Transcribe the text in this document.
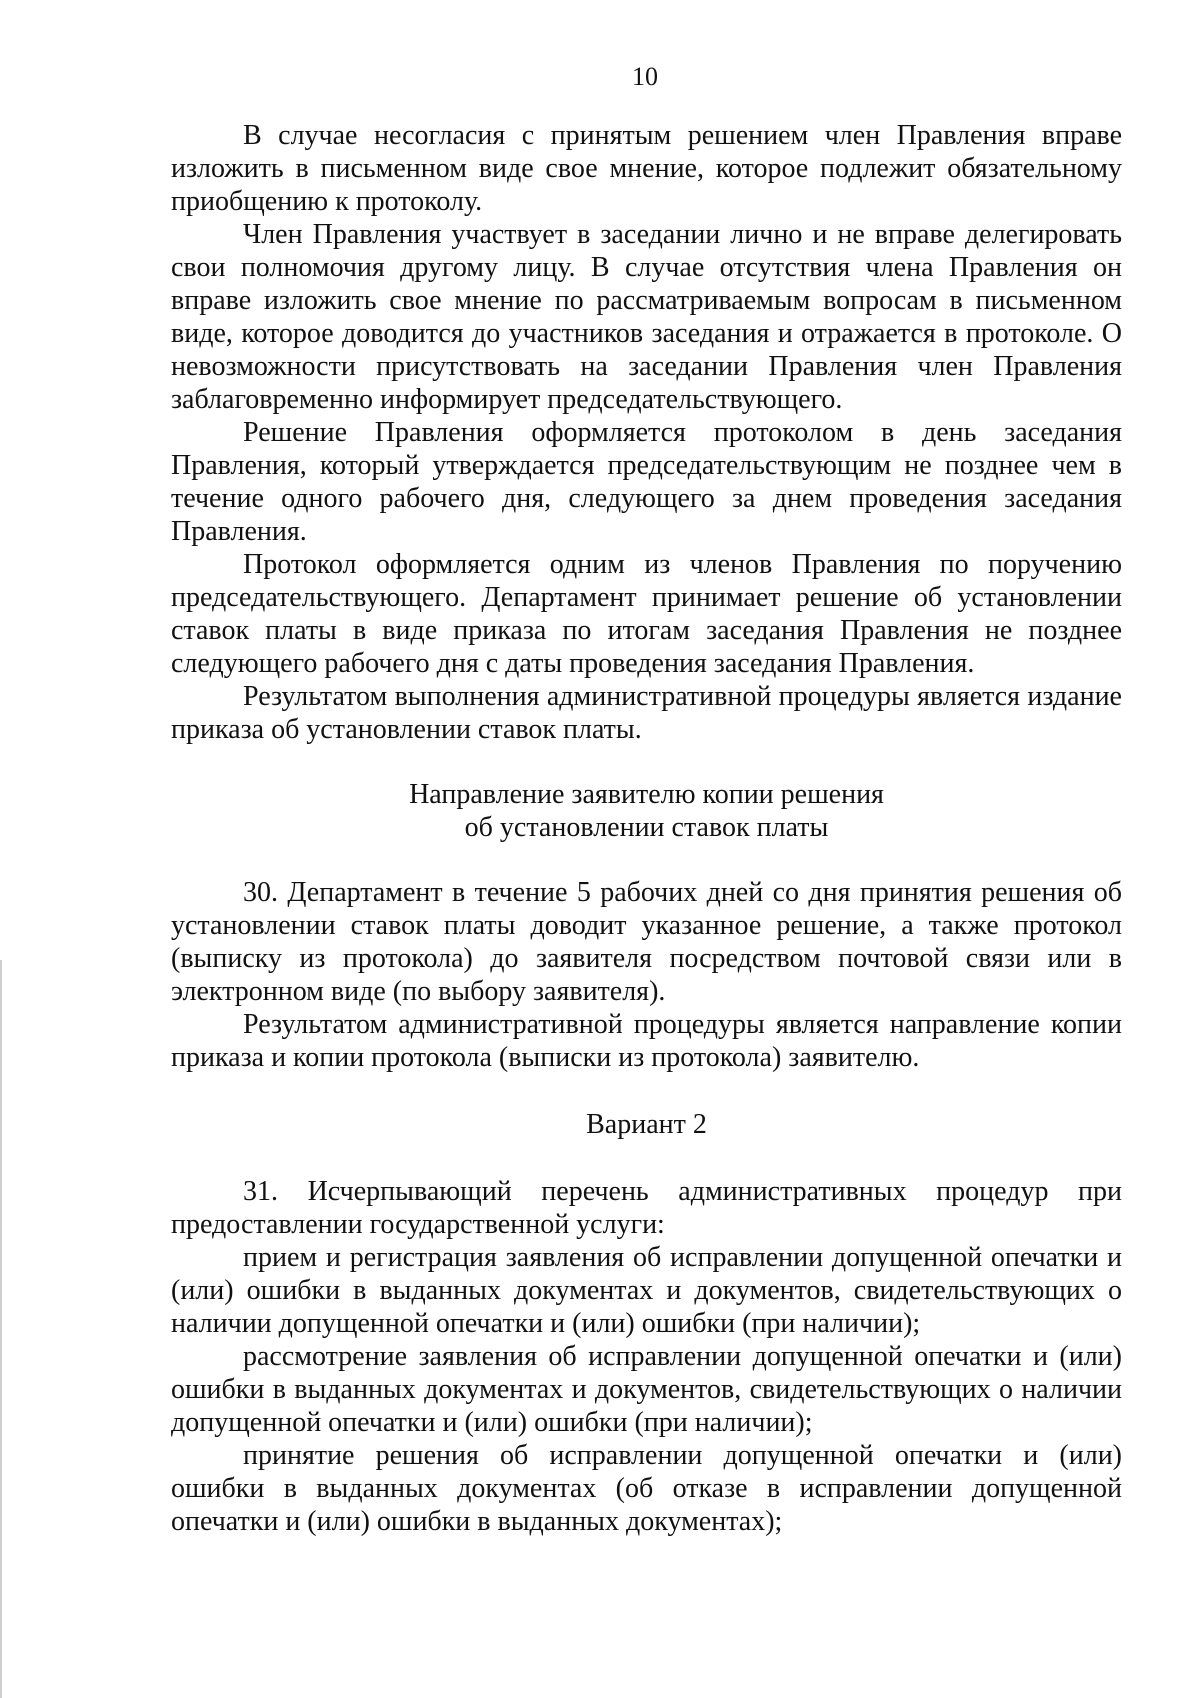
10

В случае несогласия с принятым решением член Правления вправе изложить в письменном виде свое мнение, которое подлежит обязательному приобщению к протоколу.

Член Правления участвует в заседании лично и не вправе делегировать свои полномочия другому лицу. В случае отсутствия члена Правления он вправе изложить свое мнение по рассматриваемым вопросам в письменном виде, которое доводится до участников заседания и отражается в протоколе. О невозможности присутствовать на заседании Правления член Правления заблаговременно информирует председательствующего.

Решение Правления оформляется протоколом в день заседания Правления, который утверждается председательствующим не позднее чем в течение одного рабочего дня, следующего за днем проведения заседания Правления.

Протокол оформляется одним из членов Правления по поручению председательствующего. Департамент принимает решение об установлении ставок платы в виде приказа по итогам заседания Правления не позднее следующего рабочего дня с даты проведения заседания Правления.

Результатом выполнения административной процедуры является издание приказа об установлении ставок платы.

Направление заявителю копии решения
об установлении ставок платы

30. Департамент в течение 5 рабочих дней со дня принятия решения об установлении ставок платы доводит указанное решение, а также протокол (выписку из протокола) до заявителя посредством почтовой связи или в электронном виде (по выбору заявителя).

Результатом административной процедуры является направление копии приказа и копии протокола (выписки из протокола) заявителю.

Вариант 2

31. Исчерпывающий перечень административных процедур при предоставлении государственной услуги:

прием и регистрация заявления об исправлении допущенной опечатки и (или) ошибки в выданных документах и документов, свидетельствующих о наличии допущенной опечатки и (или) ошибки (при наличии);

рассмотрение заявления об исправлении допущенной опечатки и (или) ошибки в выданных документах и документов, свидетельствующих о наличии допущенной опечатки и (или) ошибки (при наличии);

принятие решения об исправлении допущенной опечатки и (или) ошибки в выданных документах (об отказе в исправлении допущенной опечатки и (или) ошибки в выданных документах);
